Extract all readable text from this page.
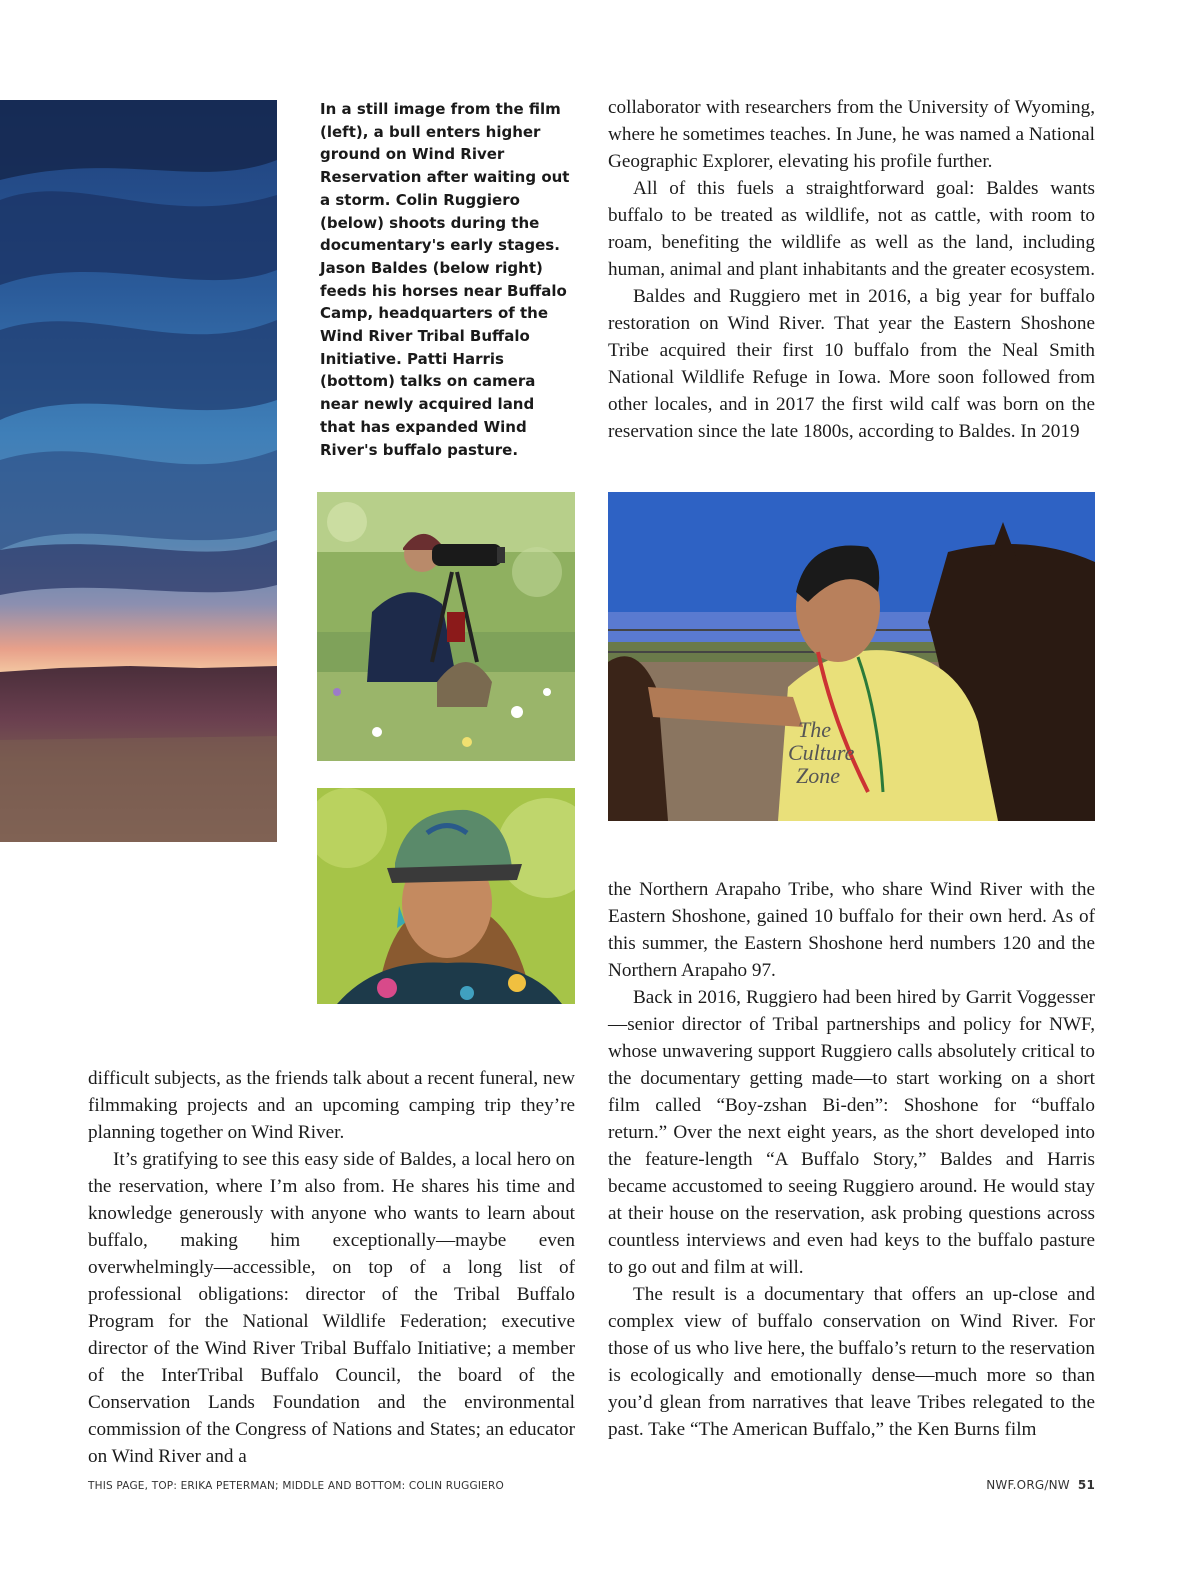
In a still image from the film (left), a bull enters higher ground on Wind River Reservation after waiting out a storm. Colin Ruggiero (below) shoots during the documentary's early stages. Jason Baldes (below right) feeds his horses near Buffalo Camp, headquarters of the Wind River Tribal Buffalo Initiative. Patti Harris (bottom) talks on camera near newly acquired land that has expanded Wind River's buffalo pasture.

collaborator with researchers from the University of Wyoming, where he sometimes teaches. In June, he was named a National Geographic Explorer, elevating his profile further.

All of this fuels a straightforward goal: Baldes wants buffalo to be treated as wildlife, not as cattle, with room to roam, benefiting the wildlife as well as the land, including human, animal and plant inhabitants and the greater ecosystem.

Baldes and Ruggiero met in 2016, a big year for buffalo restoration on Wind River. That year the Eastern Shoshone Tribe acquired their first 10 buffalo from the Neal Smith National Wildlife Refuge in Iowa. More soon followed from other locales, and in 2017 the first wild calf was born on the reservation since the late 1800s, according to Baldes. In 2019

The
Culture
Zone

the Northern Arapaho Tribe, who share Wind River with the Eastern Shoshone, gained 10 buffalo for their own herd. As of this summer, the Eastern Shoshone herd numbers 120 and the Northern Arapaho 97.

Back in 2016, Ruggiero had been hired by Garrit Voggesser—senior director of Tribal partnerships and policy for NWF, whose unwavering support Ruggiero calls absolutely critical to the documentary getting made—to start working on a short film called “Boy-zshan Bi-den”: Shoshone for “buffalo return.” Over the next eight years, as the short developed into the feature-length “A Buffalo Story,” Baldes and Harris became accustomed to seeing Ruggiero around. He would stay at their house on the reservation, ask probing questions across countless interviews and even had keys to the buffalo pasture to go out and film at will.

The result is a documentary that offers an up-close and complex view of buffalo conservation on Wind River. For those of us who live here, the buffalo’s return to the reservation is ecologically and emotionally dense—much more so than you’d glean from narratives that leave Tribes relegated to the past. Take “The American Buffalo,” the Ken Burns film

difficult subjects, as the friends talk about a recent funeral, new filmmaking projects and an upcoming camping trip they’re planning together on Wind River.

It’s gratifying to see this easy side of Baldes, a local hero on the reservation, where I’m also from. He shares his time and knowledge generously with anyone who wants to learn about buffalo, making him exceptionally—maybe even overwhelmingly—accessible, on top of a long list of professional obligations: director of the Tribal Buffalo Program for the National Wildlife Federation; executive director of the Wind River Tribal Buffalo Initiative; a member of the InterTribal Buffalo Council, the board of the Conservation Lands Foundation and the environmental commission of the Congress of Nations and States; an educator on Wind River and a

THIS PAGE, TOP: ERIKA PETERMAN; MIDDLE AND BOTTOM: COLIN RUGGIERO	NWF.ORG/NW 51
